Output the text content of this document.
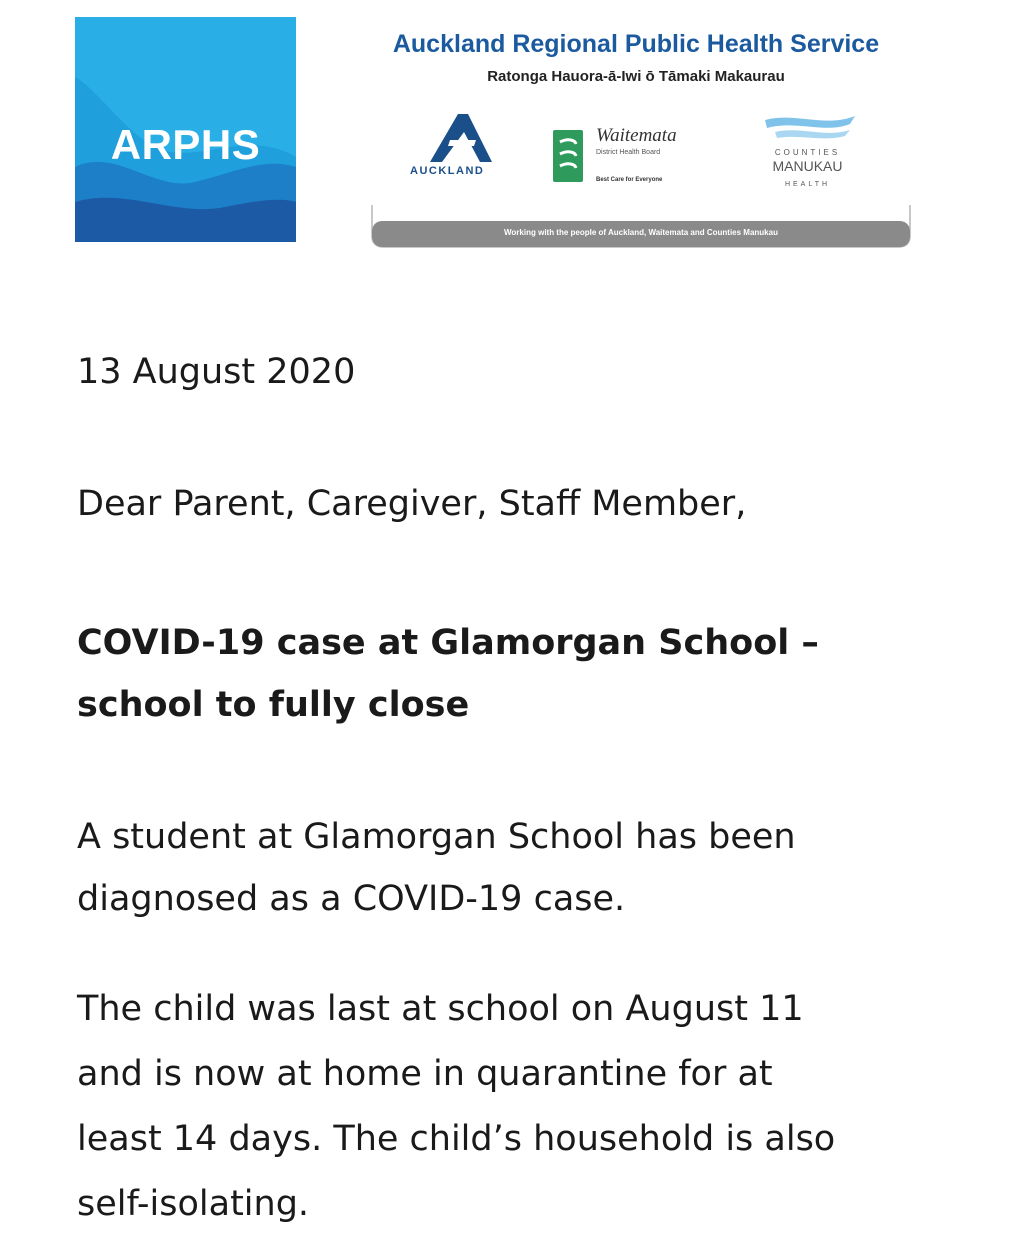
ARPHS
Auckland Regional Public Health Service
Ratonga Hauora-ā-Iwi ō Tāmaki Makaurau
AUCKLAND
Waitemata
District Health Board
Best Care for Everyone
COUNTIES
MANUKAU
HEALTH
Working with the people of Auckland, Waitemata and Counties Manukau

13 August 2020

Dear Parent, Caregiver, Staff Member,

COVID-19 case at Glamorgan School –
school to fully close
A student at Glamorgan School has been
diagnosed as a COVID-19 case.
The child was last at school on August 11
and is now at home in quarantine for at
least 14 days. The child’s household is also
self-isolating.
